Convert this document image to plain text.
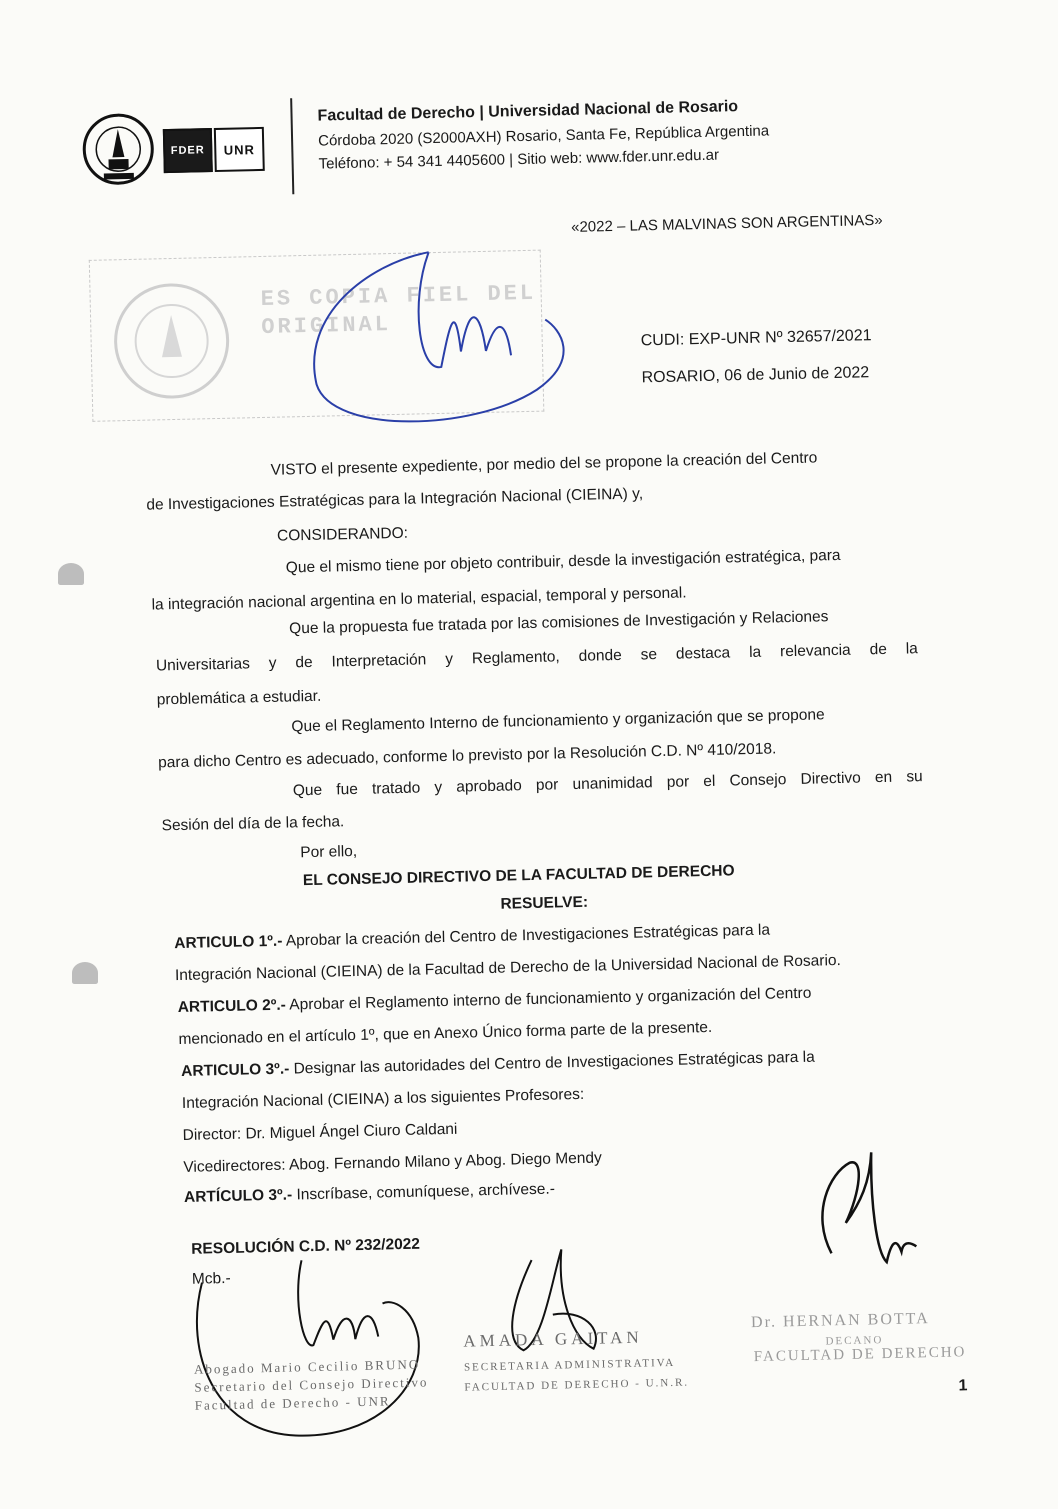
FDER	UNR
Facultad de Derecho | Universidad Nacional de Rosario
Córdoba 2020 (S2000AXH) Rosario, Santa Fe, República Argentina
Teléfono: + 54 341 4405600 | Sitio web: www.fder.unr.edu.ar
«2022 – LAS MALVINAS SON ARGENTINAS»
ES COPIA FIEL DEL
ORIGINAL	CUDI: EXP-UNR Nº 32657/2021
ROSARIO, 06 de Junio de 2022
VISTO el presente expediente, por medio del se propone la creación del Centro
de Investigaciones Estratégicas para la Integración Nacional (CIEINA) y,
CONSIDERANDO:
Que el mismo tiene por objeto contribuir, desde la investigación estratégica, para
la integración nacional argentina en lo material, espacial, temporal y personal.
Que la propuesta fue tratada por las comisiones de Investigación y Relaciones
Universitarias y de Interpretación y Reglamento, donde se destaca la relevancia de la
problemática a estudiar.
Que el Reglamento Interno de funcionamiento y organización que se propone
para dicho Centro es adecuado, conforme lo previsto por la Resolución C.D. Nº 410/2018.
Que fue tratado y aprobado por unanimidad por el Consejo Directivo en su
Sesión del día de la fecha.
Por ello,
EL CONSEJO DIRECTIVO DE LA FACULTAD DE DERECHO
RESUELVE:
ARTICULO 1º.- Aprobar la creación del Centro de Investigaciones Estratégicas para la
Integración Nacional (CIEINA) de la Facultad de Derecho de la Universidad Nacional de Rosario.
ARTICULO 2º.- Aprobar el Reglamento interno de funcionamiento y organización del Centro
mencionado en el artículo 1º, que en Anexo Único forma parte de la presente.
ARTICULO 3º.- Designar las autoridades del Centro de Investigaciones Estratégicas para la
Integración Nacional (CIEINA) a los siguientes Profesores:
Director: Dr. Miguel Ángel Ciuro Caldani
Vicedirectores: Abog. Fernando Milano y Abog. Diego Mendy
ARTÍCULO 3º.- Inscríbase, comuníquese, archívese.-
RESOLUCIÓN C.D. Nº 232/2022
Mcb.-
Abogado Mario Cecilio BRUNO
Secretario del Consejo Directivo
Facultad de Derecho - UNR
AMADA GAITAN
SECRETARIA ADMINISTRATIVA
FACULTAD DE DERECHO - U.N.R.
Dr. HERNAN BOTTA
DECANO
FACULTAD DE DERECHO
1
